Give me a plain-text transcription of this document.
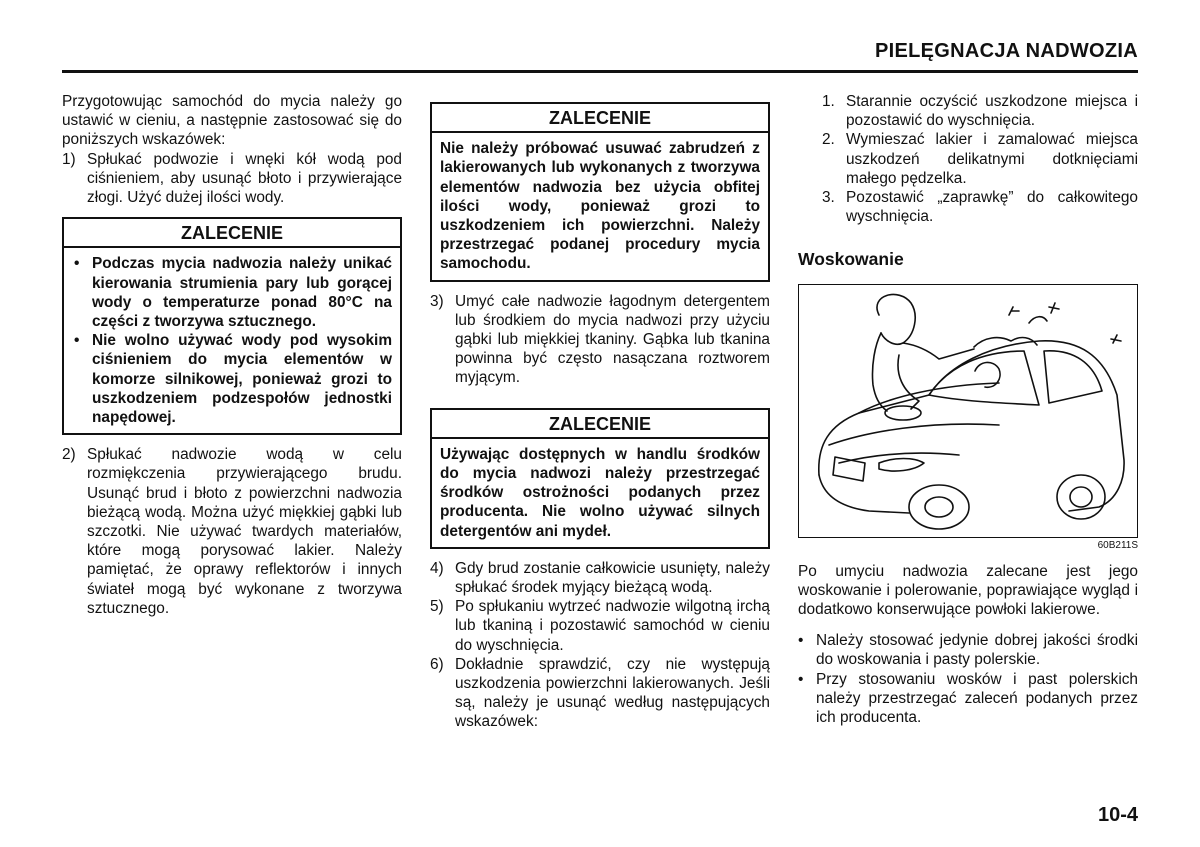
PIELĘGNACJA NADWOZIA

Przygotowując samochód do mycia należy go ustawić w cieniu, a następnie zastosować się do poniższych wskazówek:

1) Spłukać podwozie i wnęki kół wodą pod ciśnieniem, aby usunąć błoto i przywierające złogi. Użyć dużej ilości wody.
ZALECENIE
• Podczas mycia nadwozia należy unikać kierowania strumienia pary lub gorącej wody o temperaturze ponad 80°C na części z tworzywa sztucznego.
• Nie wolno używać wody pod wysokim ciśnieniem do mycia elementów w komorze silnikowej, ponieważ grozi to uszkodzeniem podzespołów jednostki napędowej.
2) Spłukać nadwozie wodą w celu rozmiękczenia przywierającego brudu. Usunąć brud i błoto z powierzchni nadwozia bieżącą wodą. Można użyć miękkiej gąbki lub szczotki. Nie używać twardych materiałów, które mogą porysować lakier. Należy pamiętać, że oprawy reflektorów i innych świateł mogą być wykonane z tworzywa sztucznego.
ZALECENIE
Nie należy próbować usuwać zabrudzeń z lakierowanych lub wykonanych z tworzywa elementów nadwozia bez użycia obfitej ilości wody, ponieważ grozi to uszkodzeniem ich powierzchni. Należy przestrzegać podanej procedury mycia samochodu.
3) Umyć całe nadwozie łagodnym detergentem lub środkiem do mycia nadwozi przy użyciu gąbki lub miękkiej tkaniny. Gąbka lub tkanina powinna być często nasączana roztworem myjącym.
ZALECENIE
Używając dostępnych w handlu środków do mycia nadwozi należy przestrzegać środków ostrożności podanych przez producenta. Nie wolno używać silnych detergentów ani mydeł.
4) Gdy brud zostanie całkowicie usunięty, należy spłukać środek myjący bieżącą wodą.
5) Po spłukaniu wytrzeć nadwozie wilgotną irchą lub tkaniną i pozostawić samochód w cieniu do wyschnięcia.
6) Dokładnie sprawdzić, czy nie występują uszkodzenia powierzchni lakierowanych. Jeśli są, należy je usunąć według następujących wskazówek:
1. Starannie oczyścić uszkodzone miejsca i pozostawić do wyschnięcia.
2. Wymieszać lakier i zamalować miejsca uszkodzeń delikatnymi dotknięciami małego pędzelka.
3. Pozostawić „zaprawkę” do całkowitego wyschnięcia.
Woskowanie
60B211S

Po umyciu nadwozia zalecane jest jego woskowanie i polerowanie, poprawiające wygląd i dodatkowo konserwujące powłoki lakierowe.

• Należy stosować jedynie dobrej jakości środki do woskowania i pasty polerskie.
• Przy stosowaniu wosków i past polerskich należy przestrzegać zaleceń podanych przez ich producenta.
10-4
